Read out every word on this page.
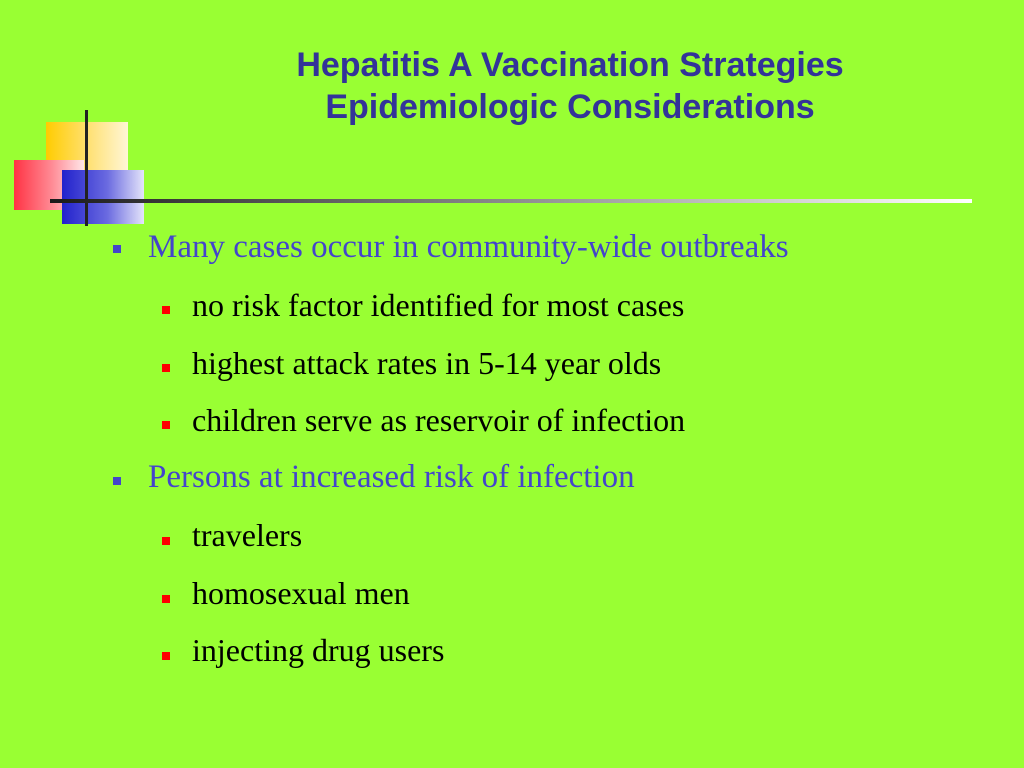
Hepatitis A Vaccination Strategies
Epidemiologic Considerations
Many cases occur in community-wide outbreaks
no risk factor identified for most cases
highest attack rates in 5-14 year olds
children serve as reservoir of infection
Persons at increased risk of infection
travelers
homosexual men
injecting drug users
